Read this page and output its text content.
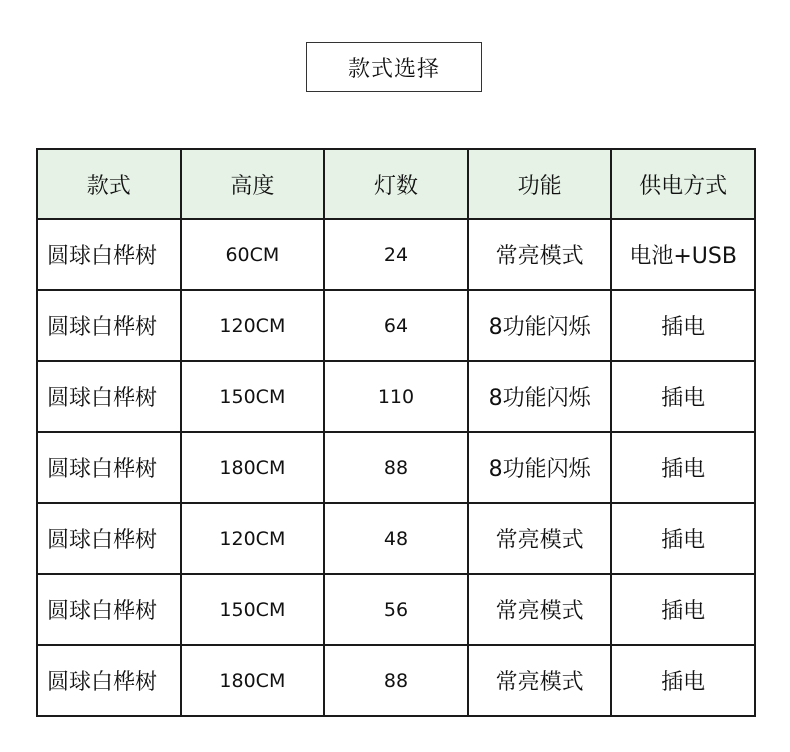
款式选择
款式	高度	灯数	功能	供电方式
圆球白桦树	60CM	24	常亮模式	电池+USB
圆球白桦树	120CM	64	8功能闪烁	插电
圆球白桦树	150CM	110	8功能闪烁	插电
圆球白桦树	180CM	88	8功能闪烁	插电
圆球白桦树	120CM	48	常亮模式	插电
圆球白桦树	150CM	56	常亮模式	插电
圆球白桦树	180CM	88	常亮模式	插电
